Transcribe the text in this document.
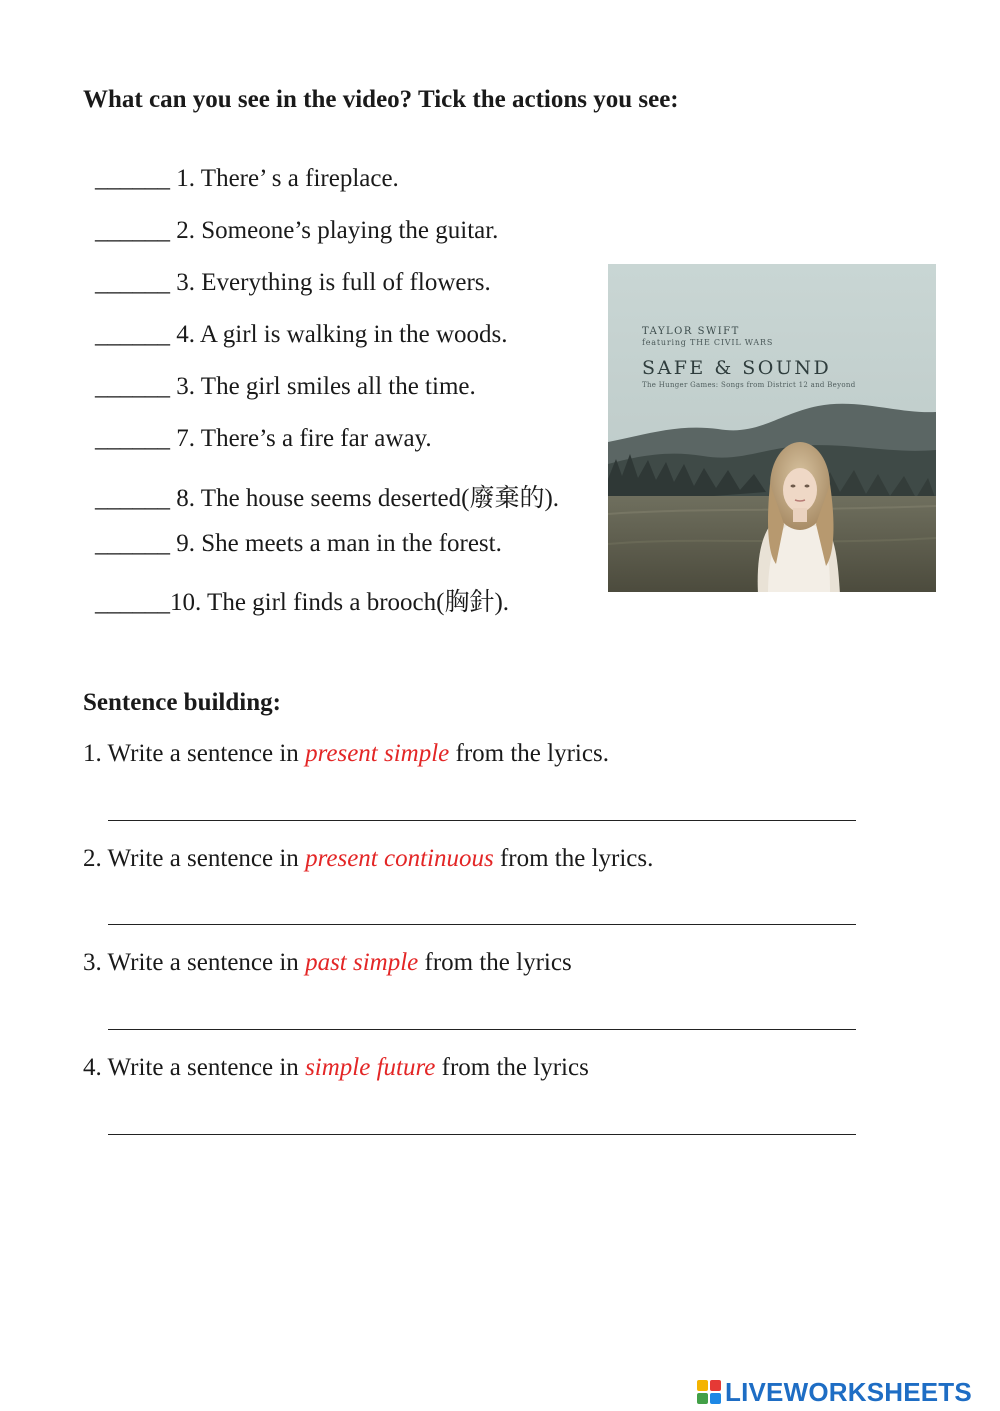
What can you see in the video? Tick the actions you see:
______ 1. There’ s a fireplace.
______ 2. Someone’s playing the guitar.
______ 3. Everything is full of flowers.
______ 4. A girl is walking in the woods.
______ 3. The girl smiles all the time.
______ 7. There’s a fire far away.
______ 8. The house seems deserted(廢棄的).
______ 9. She meets a man in the forest.
______10. The girl finds a brooch(胸針).
TAYLOR SWIFT
featuring THE CIVIL WARS
SAFE & SOUND
The Hunger Games: Songs from District 12 and Beyond
Sentence building:
1. Write a sentence in present simple from the lyrics.
2. Write a sentence in present continuous from the lyrics.
3. Write a sentence in past simple from the lyrics
4. Write a sentence in simple future from the lyrics
LIVEWORKSHEETS
